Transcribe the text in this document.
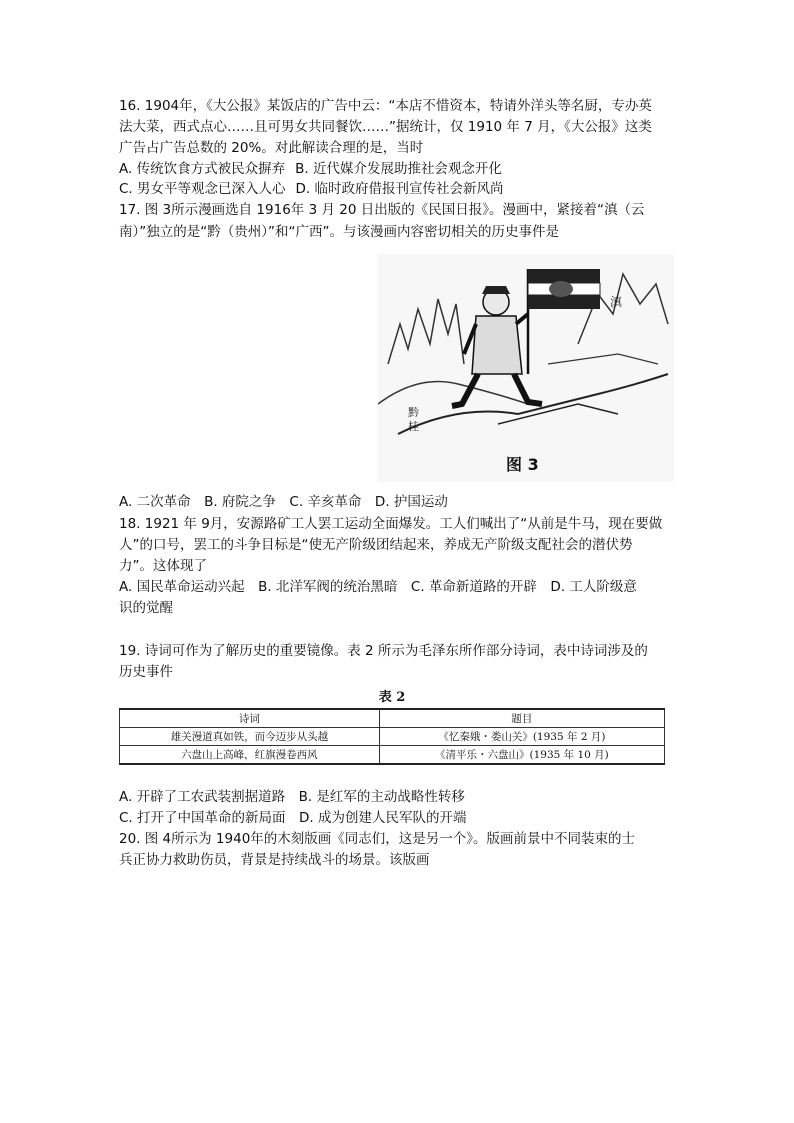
16. 1904年，《大公报》某饭店的广告中云：“本店不惜资本，特请外洋头等名厨，专办英
法大菜，西式点心……且可男女共同餐饮……”据统计，仅 1910 年 7 月，《大公报》这类
广告占广告总数的 20%。对此解读合理的是，当时
A. 传统饮食方式被民众摒弃 B. 近代媒介发展助推社会观念开化
C. 男女平等观念已深入人心 D. 临时政府借报刊宣传社会新风尚
17. 图 3所示漫画选自 1916年 3 月 20 日出版的《民国日报》。漫画中，紧接着“滇（云
南）”独立的是“黔（贵州）”和“广西”。与该漫画内容密切相关的历史事件是
滇
黔
桂
图 3
A. 二次革命　B. 府院之争　C. 辛亥革命　D. 护国运动
18. 1921 年 9月，安源路矿工人罢工运动全面爆发。工人们喊出了“从前是牛马，现在要做
人”的口号，罢工的斗争目标是“使无产阶级团结起来，养成无产阶级支配社会的潜伏势
力”。这体现了
A. 国民革命运动兴起　B. 北洋军阀的统治黑暗　C. 革命新道路的开辟　D. 工人阶级意
识的觉醒
19. 诗词可作为了解历史的重要镜像。表 2 所示为毛泽东所作部分诗词，表中诗词涉及的
历史事件
表 2
诗词	题目
雄关漫道真如铁，而今迈步从头越	《忆秦娥・娄山关》(1935 年 2 月)
六盘山上高峰，红旗漫卷西风	《清平乐・六盘山》(1935 年 10 月)
A. 开辟了工农武装割据道路　B. 是红军的主动战略性转移
C. 打开了中国革命的新局面　D. 成为创建人民军队的开端
20. 图 4所示为 1940年的木刻版画《同志们，这是另一个》。版画前景中不同装束的士
兵正协力救助伤员，背景是持续战斗的场景。该版画
